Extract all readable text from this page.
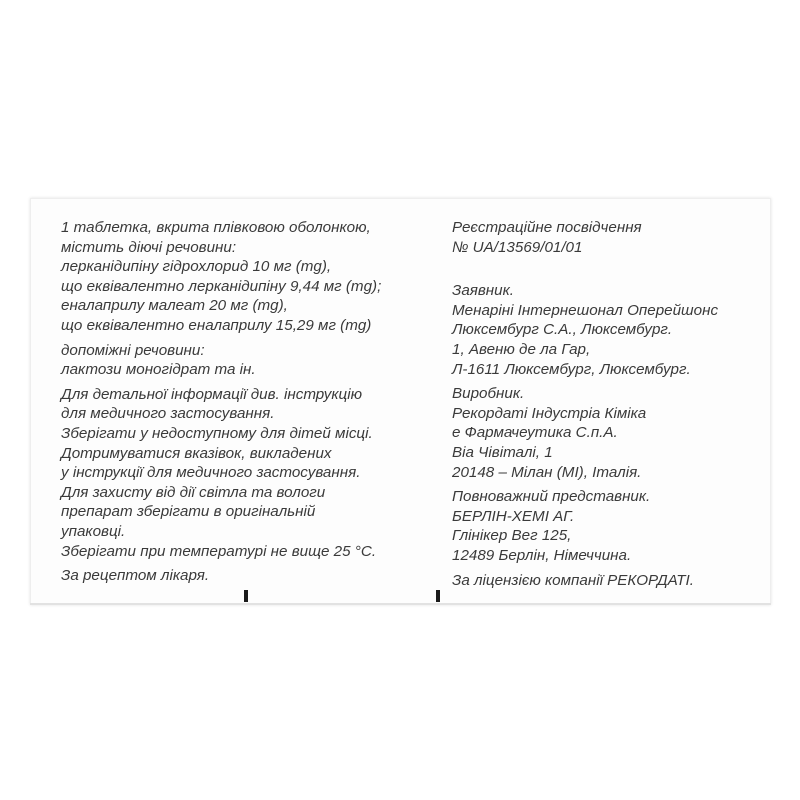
1 таблетка, вкрита плівковою оболонкою,
містить діючі речовини:
лерканідипіну гідрохлорид 10 мг (mg),
що еквівалентно лерканідипіну 9,44 мг (mg);
еналаприлу малеат 20 мг (mg),
що еквівалентно еналаприлу 15,29 мг (mg)
допоміжні речовини:
лактози моногідрат та ін.
Для детальної інформації див. інструкцію
для медичного застосування.
Зберігати у недоступному для дітей місці.
Дотримуватися вказівок, викладених
у інструкції для медичного застосування.
Для захисту від дії світла та вологи
препарат зберігати в оригінальній
упаковці.
Зберігати при температурі не вище 25 °С.
За рецептом лікаря.
Реєстраційне посвідчення
№ UA/13569/01/01
Заявник.
Менаріні Інтернешонал Оперейшонс
Люксембург С.А., Люксембург.
1, Авеню де ла Гар,
Л-1611 Люксембург, Люксембург.
Виробник.
Рекордаті Індустріа Кіміка
е Фармачеутика С.п.А.
Віа Чівіталі, 1
20148 – Мілан (МІ), Італія.
Повноважний представник.
БЕРЛІН-ХЕМІ АГ.
Глінікер Вег 125,
12489 Берлін, Німеччина.
За ліцензією компанії РЕКОРДАТІ.
